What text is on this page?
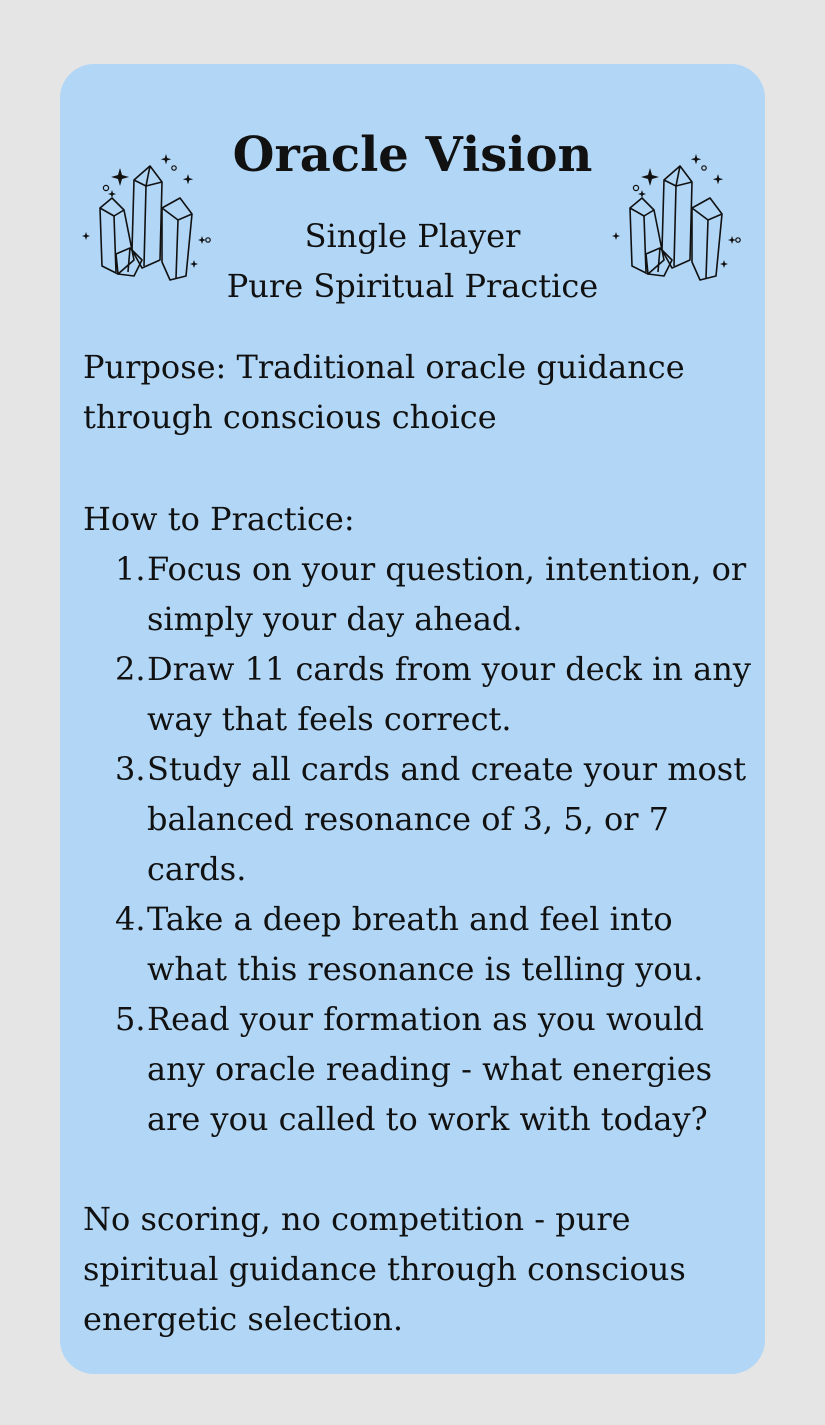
Oracle Vision

Single Player

Pure Spiritual Practice

Purpose: Traditional oracle guidance through conscious choice

How to Practice:

1. Focus on your question, intention, or simply your day ahead.
2. Draw 11 cards from your deck in any way that feels correct.
3. Study all cards and create your most balanced resonance of 3, 5, or 7 cards.
4. Take a deep breath and feel into what this resonance is telling you.
5. Read your formation as you would any oracle reading - what energies are you called to work with today?

No scoring, no competition - pure spiritual guidance through conscious energetic selection.
